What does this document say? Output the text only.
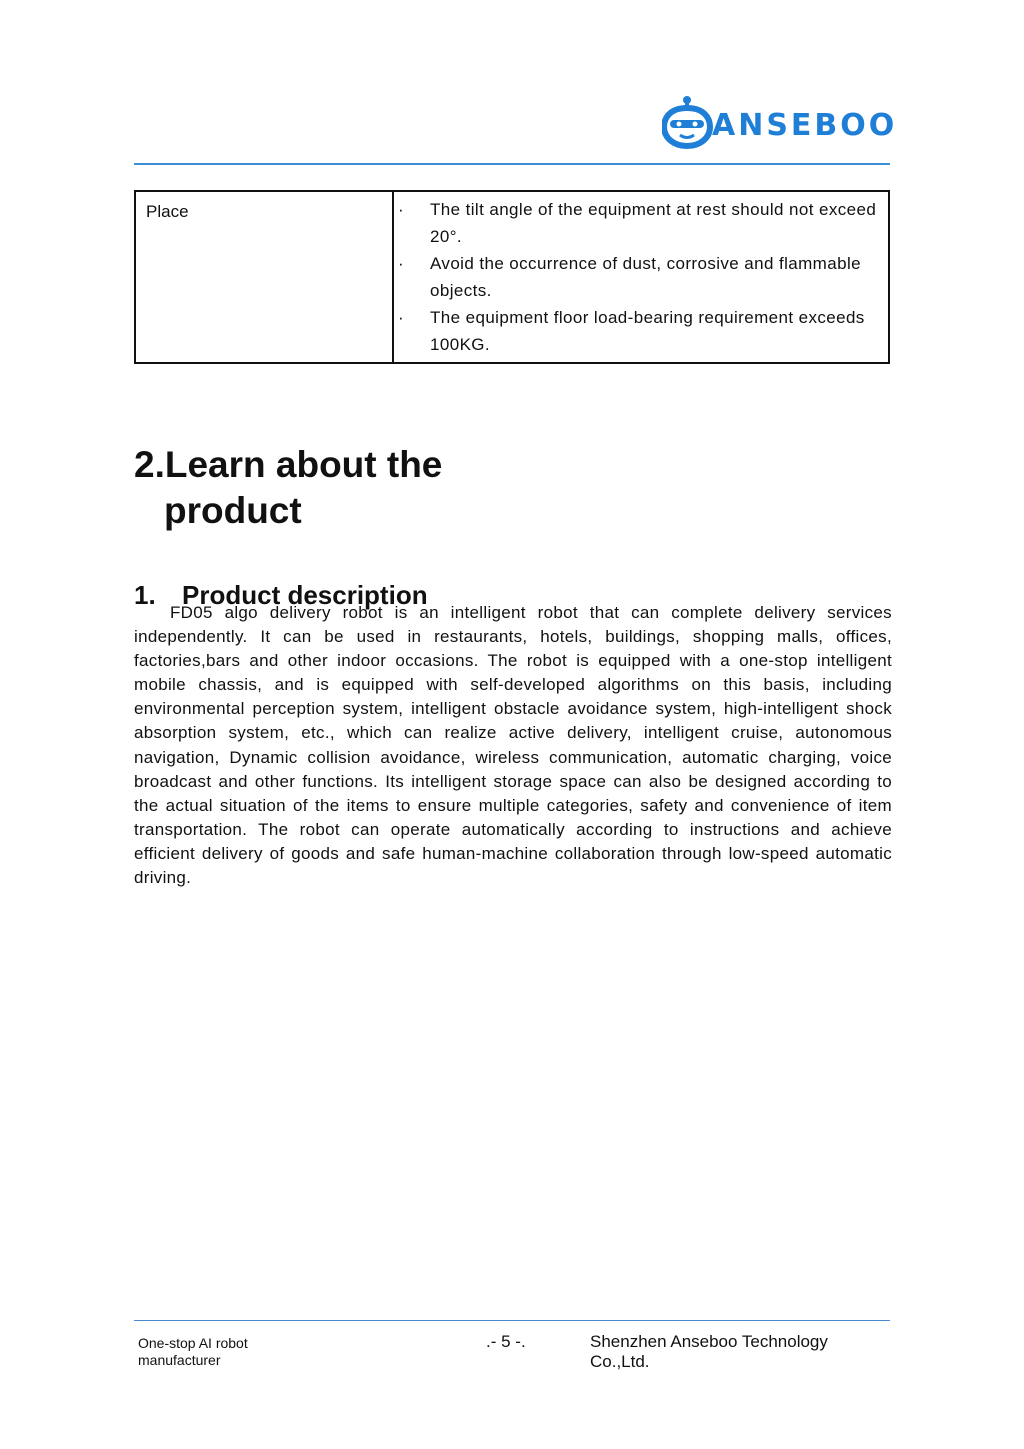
ANSEBOO
Place	· The tilt angle of the equipment at rest should not exceed 20°.
· Avoid the occurrence of dust, corrosive and flammable objects.
· The equipment floor load-bearing requirement exceeds 100KG.
2.Learn about the
product
1. Product description
FD05 algo delivery robot is an intelligent robot that can complete delivery services independently. It can be used in restaurants, hotels, buildings, shopping malls, offices, factories,bars and other indoor occasions. The robot is equipped with a one-stop intelligent mobile chassis, and is equipped with self-developed algorithms on this basis, including environmental perception system, intelligent obstacle avoidance system, high-intelligent shock absorption system, etc., which can realize active delivery, intelligent cruise, autonomous navigation, Dynamic collision avoidance, wireless communication, automatic charging, voice broadcast and other functions. Its intelligent storage space can also be designed according to the actual situation of the items to ensure multiple categories, safety and convenience of item transportation. The robot can operate automatically according to instructions and achieve efficient delivery of goods and safe human-machine collaboration through low-speed automatic driving.
One-stop AI robot manufacturer
.- 5 -.	Shenzhen Anseboo Technology Co.,Ltd.
